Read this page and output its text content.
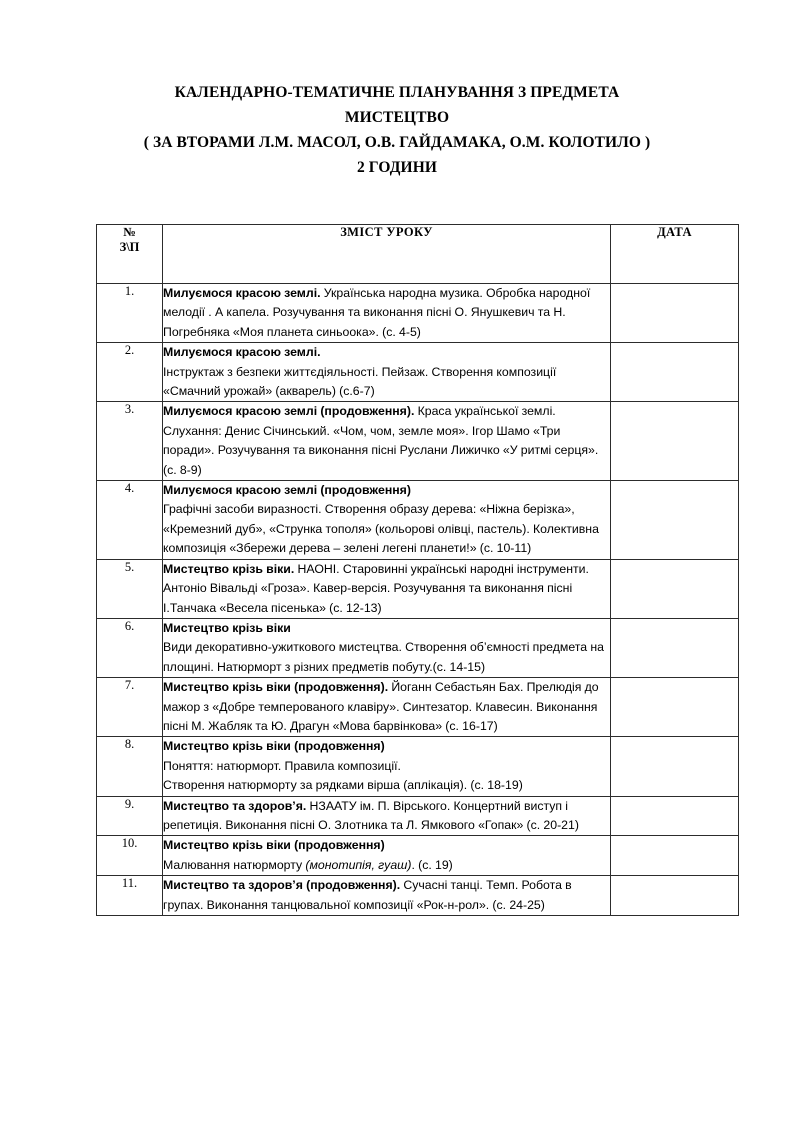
КАЛЕНДАРНО-ТЕМАТИЧНЕ ПЛАНУВАННЯ З ПРЕДМЕТА
МИСТЕЦТВО
( ЗА ВТОРАМИ Л.М. МАСОЛ, О.В. ГАЙДАМАКА, О.М. КОЛОТИЛО )
2 ГОДИНИ
№
З\П	ЗМІСТ УРОКУ	ДАТА
1.	Милуємося красою землі. Українська народна музика. Обробка народної мелодії . А капела. Розучування та виконання пісні О. Янушкевич та Н. Погребняка «Моя планета синьоока». (с. 4-5)	
2.	Милуємося красою землі.
Інструктаж з безпеки життєдіяльності. Пейзаж. Створення композиції «Смачний урожай» (акварель) (с.6-7)	
3.	Милуємося красою землі (продовження). Краса української землі. Слухання: Денис Січинський. «Чом, чом, земле моя». Ігор Шамо «Три поради». Розучування та виконання пісні Руслани Лижичко «У ритмі серця». (с. 8-9)	
4.	Милуємося красою землі (продовження)
Графічні засоби виразності. Створення образу дерева: «Ніжна берізка», «Кремезний дуб», «Стрункa тополя» (кольорові олівці, пастель). Колективна композиція «Збережи дерева – зелені легені планети!» (с. 10-11)	
5.	Мистецтво крізь віки. НАОНІ. Старовинні українські народні інструменти. Антоніо Вівальді «Гроза». Кавер-версія. Розучування та виконання пісні І.Танчака «Весела пісенька» (с. 12-13)	
6.	Мистецтво крізь віки
Види декоративно-ужиткового мистецтва. Створення об’ємності предмета на площині. Натюрморт з різних предметів побуту.(с. 14-15)	
7.	Мистецтво крізь віки (продовження). Йоганн Себастьян Бах. Прелюдія до мажор з «Добре темперованого клавіру». Синтезатор. Клавесин. Виконання пісні М. Жабляк та Ю. Драгун «Мова барвінкова» (с. 16-17)	
8.	Мистецтво крізь віки (продовження)
Поняття: натюрморт. Правила композиції.
Створення натюрморту за рядками вірша (аплікація). (с. 18-19)	
9.	Мистецтво та здоров’я. НЗААТУ ім. П. Вірського. Концертний виступ і репетиція. Виконання пісні О. Злотника та Л. Ямкового «Гопак» (с. 20-21)	
10.	Мистецтво крізь віки (продовження)
Малювання натюрморту (монотипія, гуаш). (с. 19)	
11.	Мистецтво та здоров’я (продовження). Сучасні танці. Темп. Робота в групах. Виконання танцювальної композиції «Рок-н-рол». (с. 24-25)	
